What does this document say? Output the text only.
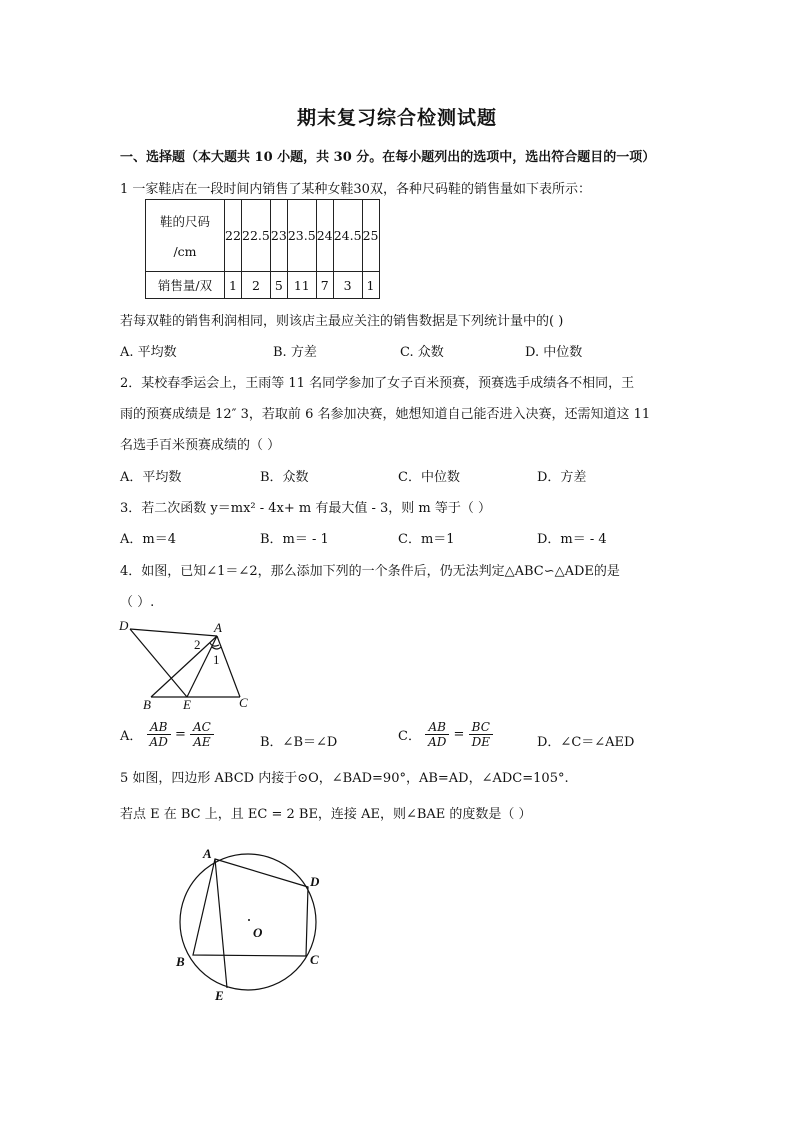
期末复习综合检测试题
一、选择题（本大题共 10 小题，共 30 分。在每小题列出的选项中，选出符合题目的一项）
1 一家鞋店在一段时间内销售了某种女鞋30双，各种尺码鞋的销售量如下表所示：
鞋的尺码
/cm	22	22.5	23	23.5	24	24.5	25
销售量/双	1	2	5	11	7	3	1
若每双鞋的销售利润相同，则该店主最应关注的销售数据是下列统计量中的( )
A. 平均数	B. 方差	C. 众数	D. 中位数
2．某校春季运会上，王雨等 11 名同学参加了女子百米预赛，预赛选手成绩各不相同，王
雨的预赛成绩是 12″ 3，若取前 6 名参加决赛，她想知道自己能否进入决赛，还需知道这 11
名选手百米预赛成绩的（ ）
A．平均数	B．众数	C．中位数	D．方差
3．若二次函数 y＝mx² - 4x+ m 有最大值 - 3，则 m 等于（ ）
A．m＝4	B．m＝ - 1	C．m＝1	D．m＝ - 4
4．如图，已知∠1＝∠2，那么添加下列的一个条件后，仍无法判定△ABC∽△ADE的是
（ ）.
D	A
2
1
B E	C
A． $\frac{AB}{AD} = \frac{AC}{AE}$	B．∠B＝∠D	C． $\frac{AB}{AD} = \frac{BC}{DE}$	D．∠C＝∠AED
5 如图，四边形 ABCD 内接于⊙O，∠BAD=90°，AB=AD，∠ADC=105°.
若点 E 在 BC 上，且 EC = 2 BE，连接 AE，则∠BAE 的度数是（ ）
A
D
O
B	C
E
